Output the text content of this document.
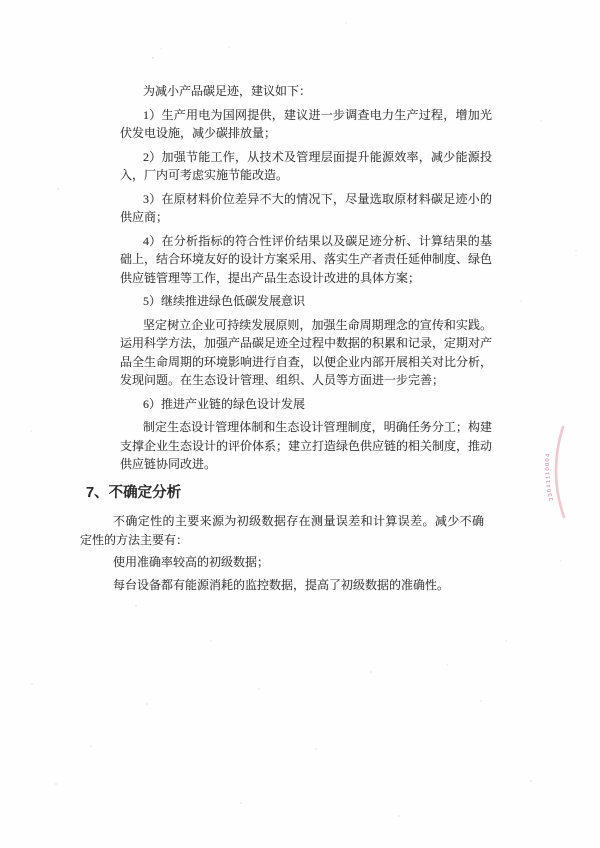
为减小产品碳足迹，建议如下：

1）生产用电为国网提供，建议进一步调查电力生产过程，增加光伏发电设施，减少碳排放量；

2）加强节能工作，从技术及管理层面提升能源效率，减少能源投入，厂内可考虑实施节能改造。

3）在原材料价位差异不大的情况下，尽量选取原材料碳足迹小的供应商；

4）在分析指标的符合性评价结果以及碳足迹分析、计算结果的基础上，结合环境友好的设计方案采用、落实生产者责任延伸制度、绿色供应链管理等工作，提出产品生态设计改进的具体方案；

5）继续推进绿色低碳发展意识

坚定树立企业可持续发展原则，加强生命周期理念的宣传和实践。运用科学方法，加强产品碳足迹全过程中数据的积累和记录，定期对产品全生命周期的环境影响进行自查，以便企业内部开展相关对比分析，发现问题。在生态设计管理、组织、人员等方面进一步完善；

6）推进产业链的绿色设计发展

制定生态设计管理体制和生态设计管理制度，明确任务分工；构建支撑企业生态设计的评价体系；建立打造绿色供应链的相关制度，推动供应链协同改进。

7、不确定分析

不确定性的主要来源为初级数据存在测量误差和计算误差。减少不确定性的方法主要有：

使用准确率较高的初级数据；

每台设备都有能源消耗的监控数据，提高了初级数据的准确性。

33041110004
